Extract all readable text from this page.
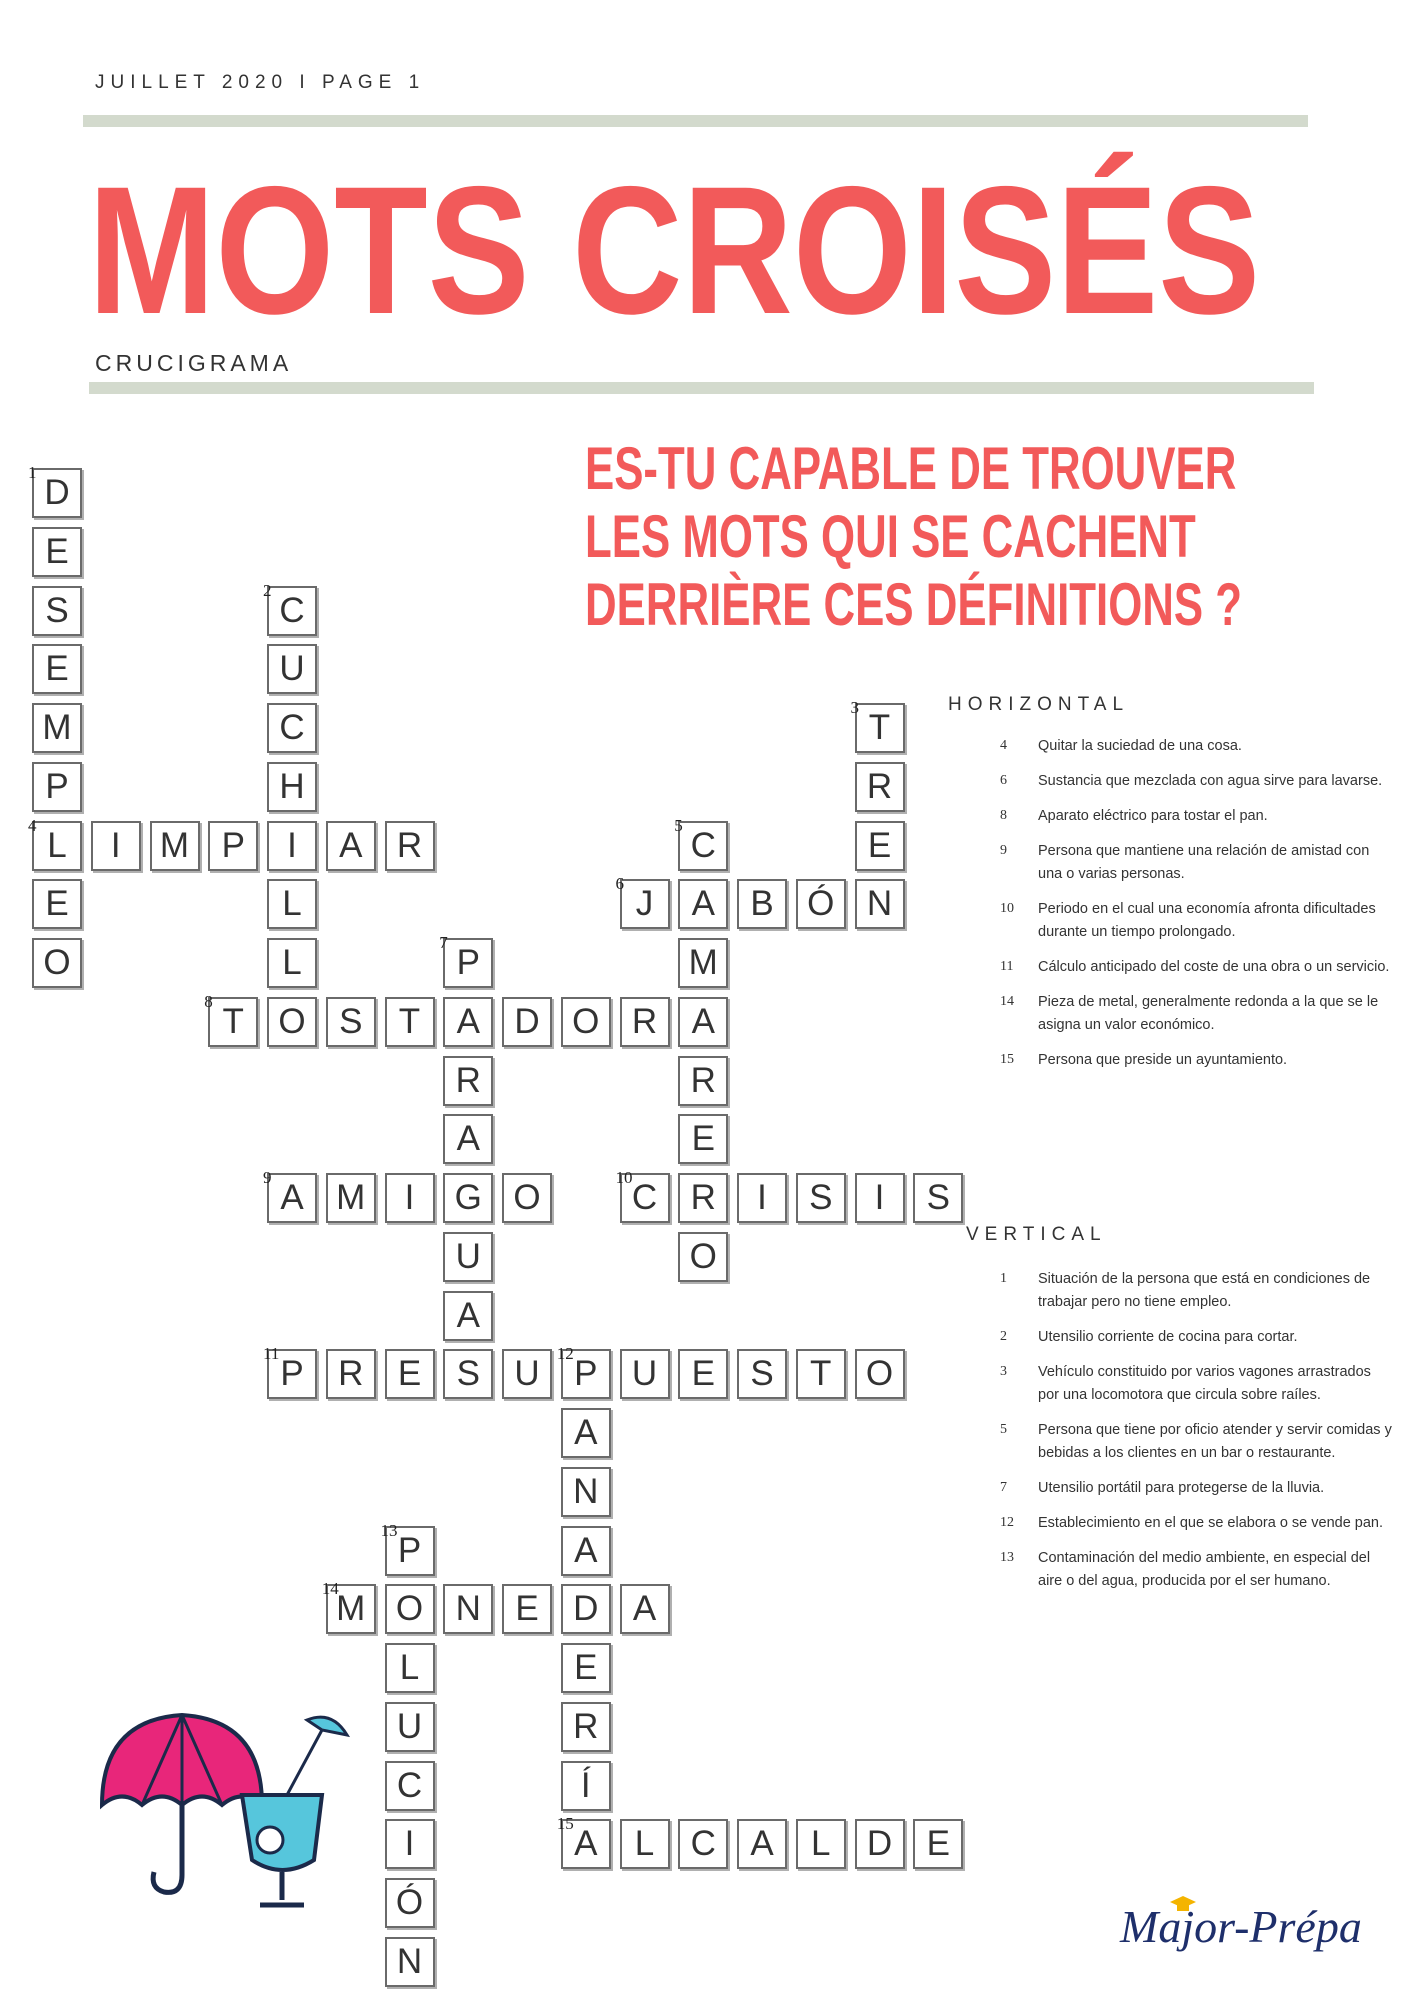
JUILLET 2020 I PAGE 1
MOTS CROISÉS
CRUCIGRAMA
ES-TU CAPABLE DE TROUVER LES MOTS QUI SE CACHENT DERRIÈRE CES DÉFINITIONS ?
D
E
S
E
M
P
L
E
O
C
U
C
H
I
L
L
O
T
R
E
N
I	M P	A R	C
A
M
A
R
E
R
O
J	B Ó
P
A
R
A
G
U
A
S
T	S	T	D O R
A M	I	O	C	I	S	I	S
P R E	U P U E	S	T O
A
N
A
D
E
R
Í
A
P
O
L
U
C
I
Ó
N
M	N E	A
L	C A	L	D E
1
2
3
4	5
6
7
8
9	10
11	12
13
14
15
HORIZONTAL
4	Quitar la suciedad de una cosa.
6	Sustancia que mezclada con agua sirve para lavarse.
8	Aparato eléctrico para tostar el pan.
9	Persona que mantiene una relación de amistad con una o varias personas.
10	Periodo en el cual una economía afronta dificultades durante un tiempo prolongado.
11	Cálculo anticipado del coste de una obra o un servicio.
14	Pieza de metal, generalmente redonda a la que se le asigna un valor económico.
15	Persona que preside un ayuntamiento.
VERTICAL
1	Situación de la persona que está en condiciones de trabajar pero no tiene empleo.
2	Utensilio corriente de cocina para cortar.
3	Vehículo constituido por varios vagones arrastrados por una locomotora que circula sobre raíles.
5	Persona que tiene por oficio atender y servir comidas y bebidas a los clientes en un bar o restaurante.
7	Utensilio portátil para protegerse de la lluvia.
12	Establecimiento en el que se elabora o se vende pan.
13	Contaminación del medio ambiente, en especial del aire o del agua, producida por el ser humano.
Major-Prépa
